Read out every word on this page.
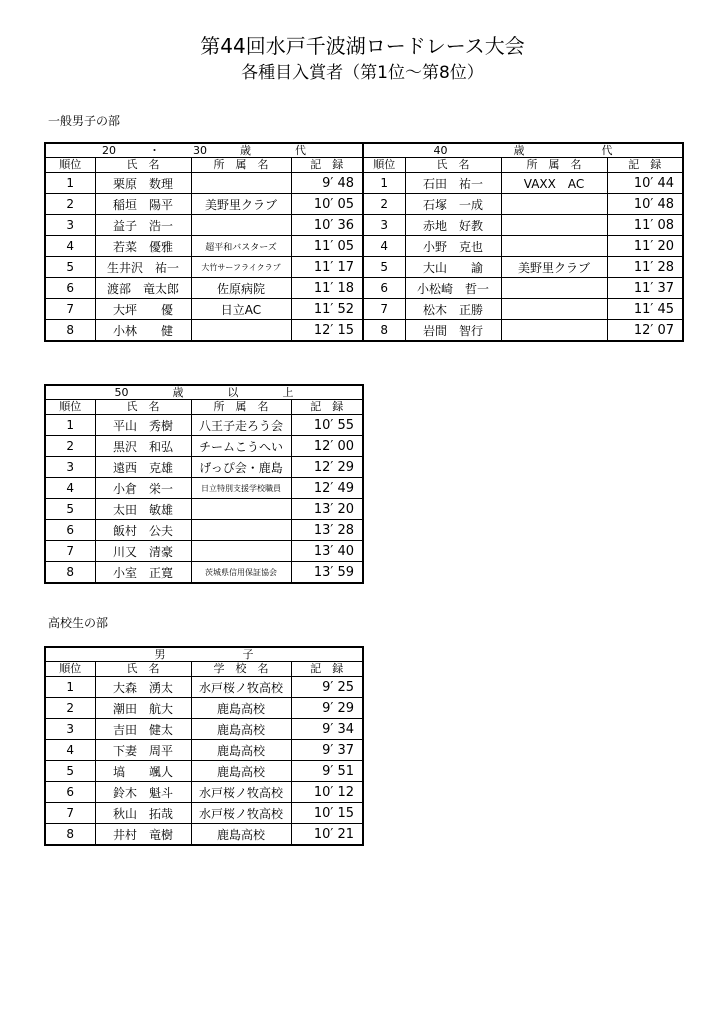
第44回水戸千波湖ロードレース大会
各種目入賞者（第1位～第8位）
一般男子の部
20　　　・　　　30　　　歳　　　　代				40　　　　　　歳　　　　　　　代			
順位	氏　名	所　属　名	記　録	順位	氏　名	所　属　名	記　録
1	栗原　数理		9′ 48	1	石田　祐一	VAXX　AC	10′ 44
2	稲垣　陽平	美野里クラブ	10′ 05	2	石塚　一成		10′ 48
3	益子　浩一		10′ 36	3	赤地　好教		11′ 08
4	若菜　優雅	超平和バスターズ	11′ 05	4	小野　克也		11′ 20
5	生井沢　祐一	大竹サーフライクラブ	11′ 17	5	大山　　諭	美野里クラブ	11′ 28
6	渡部　竜太郎	佐原病院	11′ 18	6	小松崎　哲一		11′ 37
7	大坪　　優	日立AC	11′ 52	7	松木　正勝		11′ 45
8	小林　　健		12′ 15	8	岩間　智行		12′ 07
50　　　　歳　　　　以　　　　上			
順位	氏　名	所　属　名	記　録
1	平山　秀樹	八王子走ろう会	10′ 55
2	黒沢　和弘	チームこうへい	12′ 00
3	遠西　克雄	げっぴ会・鹿島	12′ 29
4	小倉　栄一	日立特別支援学校職員	12′ 49
5	太田　敏雄		13′ 20
6	飯村　公夫		13′ 28
7	川又　清豪		13′ 40
8	小室　正寛	茨城県信用保証協会	13′ 59
高校生の部
男　　　　　　　子			
順位	氏　名	学　校　名	記　録
1	大森　湧太	水戸桜ノ牧高校	9′ 25
2	潮田　航大	鹿島高校	9′ 29
3	吉田　健太	鹿島高校	9′ 34
4	下妻　周平	鹿島高校	9′ 37
5	塙　　颯人	鹿島高校	9′ 51
6	鈴木　魁斗	水戸桜ノ牧高校	10′ 12
7	秋山　拓哉	水戸桜ノ牧高校	10′ 15
8	井村　竜樹	鹿島高校	10′ 21
